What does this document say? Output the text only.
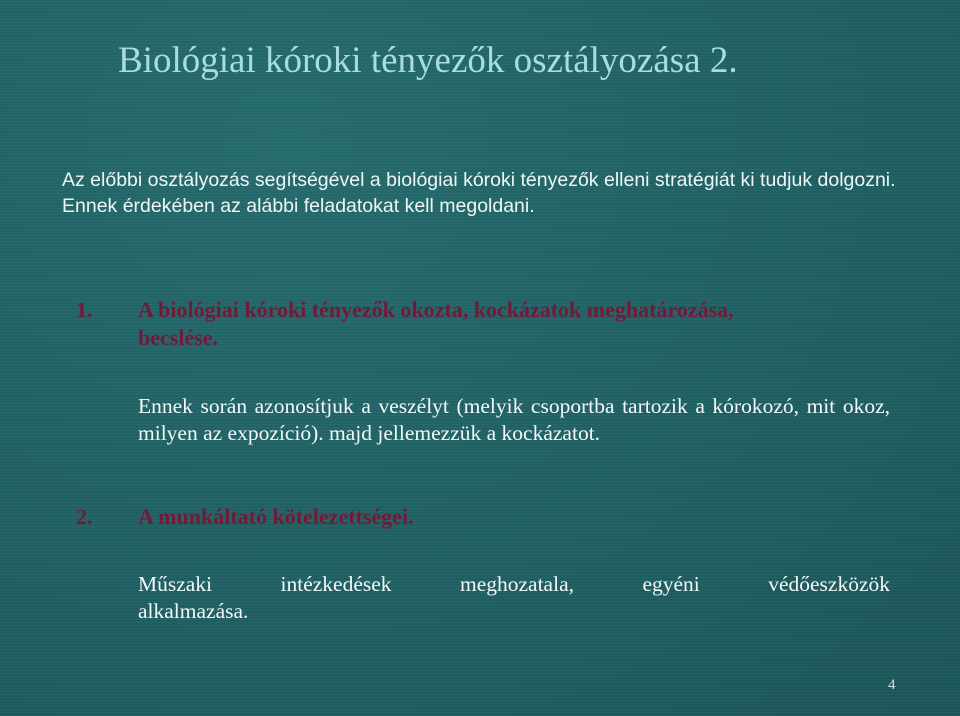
Biológiai kóroki tényezők osztályozása 2.
Az előbbi osztályozás segítségével a biológiai kóroki tényezők elleni stratégiát ki tudjuk dolgozni. Ennek érdekében az alábbi feladatokat kell megoldani.
1. A biológiai kóroki tényezők okozta, kockázatok meghatározása, becslése.
Ennek során azonosítjuk a veszélyt (melyik csoportba tartozik a kórokozó, mit okoz, milyen az expozíció). majd jellemezzük a kockázatot.
2. A munkáltató kötelezettségei.
Műszaki intézkedések meghozatala, egyéni védőeszközök
alkalmazása.
4
